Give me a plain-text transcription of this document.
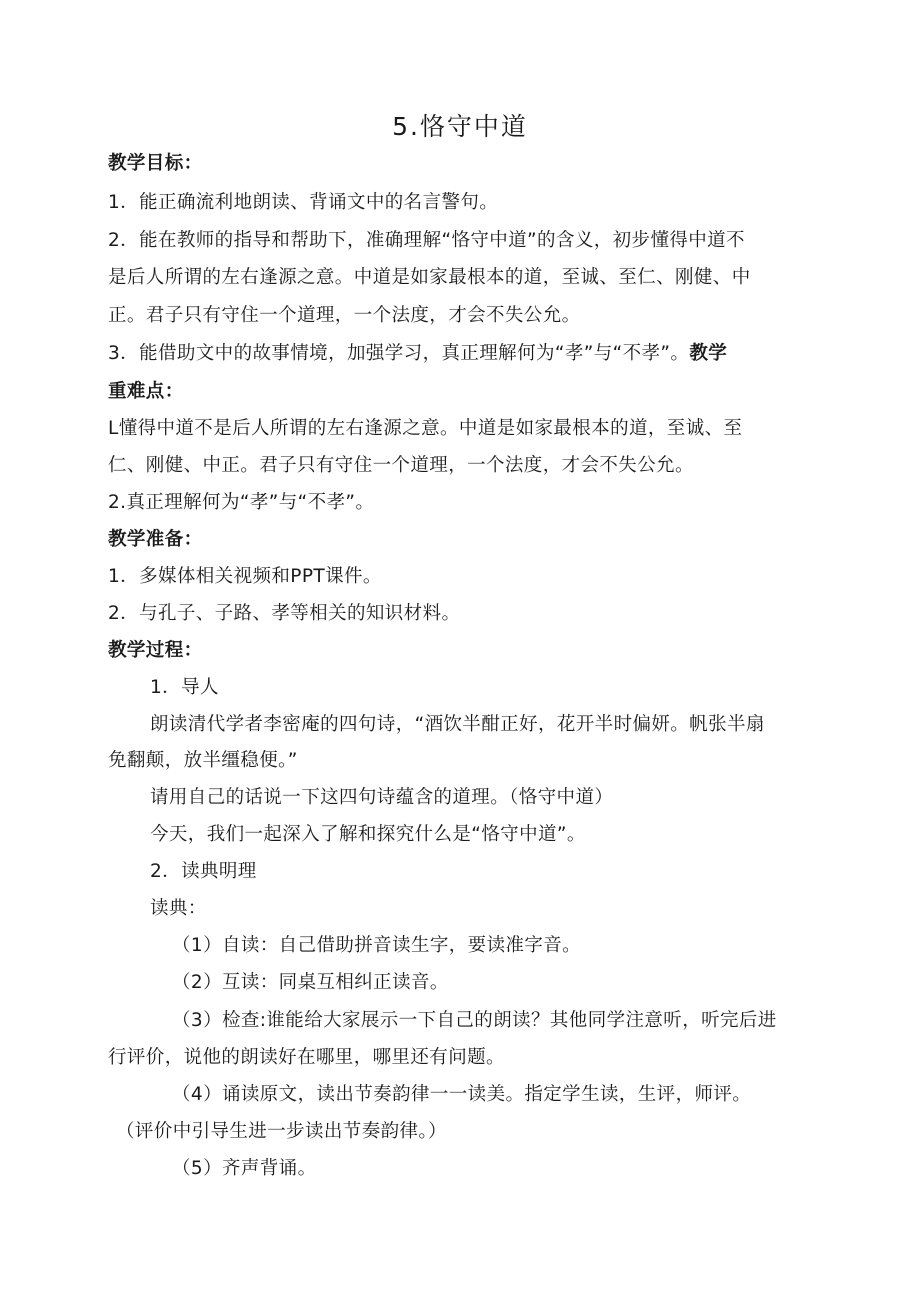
5.恪守中道
教学目标：
1．能正确流利地朗读、背诵文中的名言警句。
2．能在教师的指导和帮助下，准确理解“恪守中道”的含义，初步懂得中道不
是后人所谓的左右逢源之意。中道是如家最根本的道，至诚、至仁、刚健、中
正。君子只有守住一个道理，一个法度，才会不失公允。
3．能借助文中的故事情境，加强学习，真正理解何为“孝”与“不孝”。教学
重难点：
L懂得中道不是后人所谓的左右逢源之意。中道是如家最根本的道，至诚、至
仁、刚健、中正。君子只有守住一个道理，一个法度，才会不失公允。
2.真正理解何为“孝”与“不孝”。
教学准备：
1．多媒体相关视频和PPT课件。
2．与孔子、子路、孝等相关的知识材料。
教学过程：
1．导人
朗读清代学者李密庵的四句诗，“酒饮半酣正好，花开半时偏妍。帆张半扇
免翻颠，放半缰稳便。”
请用自己的话说一下这四句诗蕴含的道理。（恪守中道）
今天，我们一起深入了解和探究什么是“恪守中道”。
2．读典明理
读典：
（1）自读：自己借助拼音读生字，要读准字音。
（2）互读：同桌互相纠正读音。
（3）检查:谁能给大家展示一下自己的朗读？其他同学注意听，听完后进
行评价，说他的朗读好在哪里，哪里还有问题。
（4）诵读原文，读出节奏韵律一一读美。指定学生读，生评，师评。
（评价中引导生进一步读出节奏韵律。）
（5）齐声背诵。
